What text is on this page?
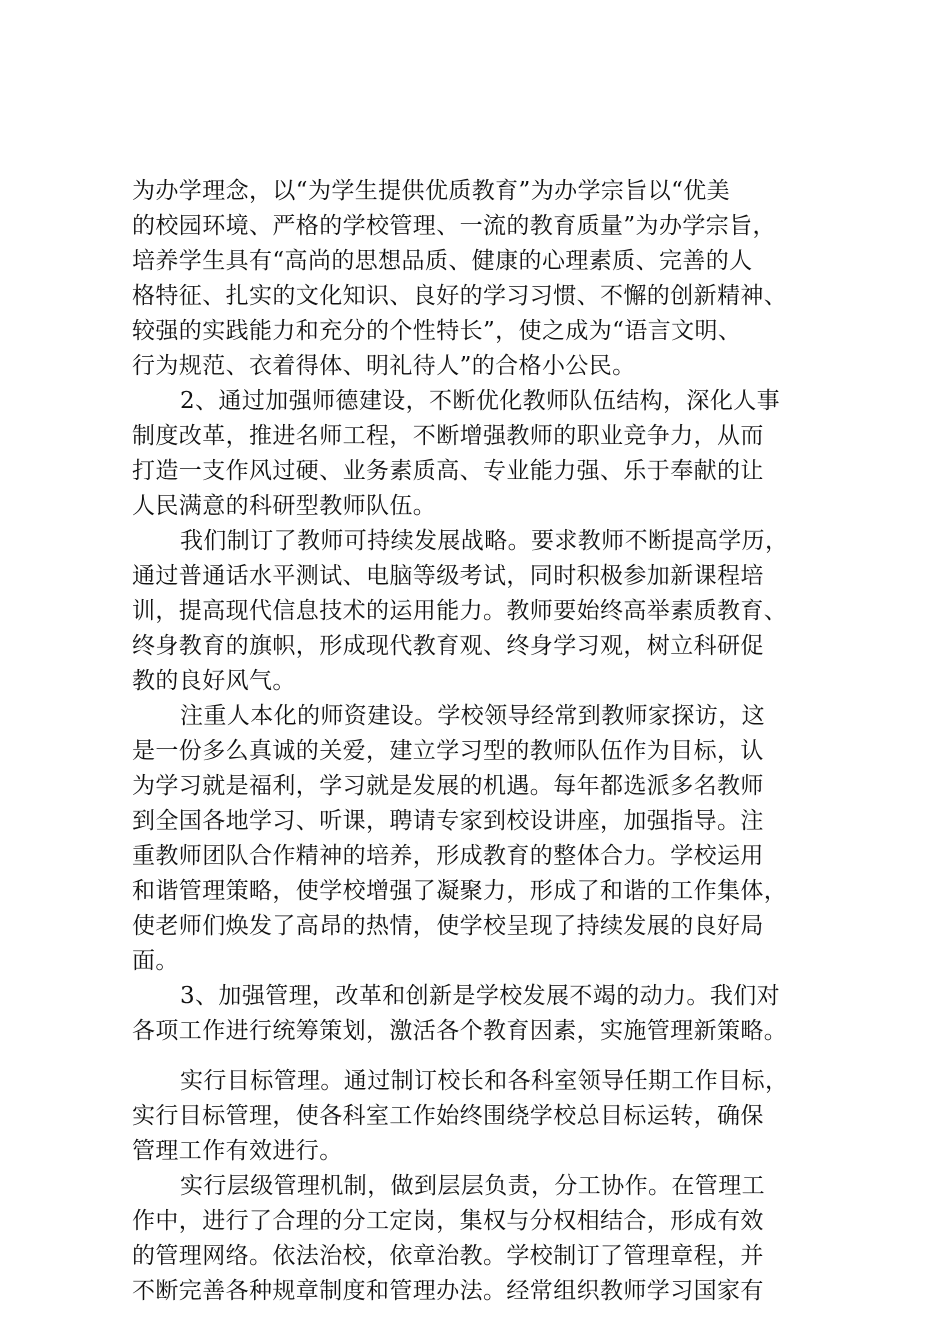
为办学理念，以“为学生提供优质教育”为办学宗旨以“优美

的校园环境、严格的学校管理、一流的教育质量”为办学宗旨，

培养学生具有“高尚的思想品质、健康的心理素质、完善的人

格特征、扎实的文化知识、良好的学习习惯、不懈的创新精神、

较强的实践能力和充分的个性特长”，使之成为“语言文明、

行为规范、衣着得体、明礼待人”的合格小公民。

2、通过加强师德建设，不断优化教师队伍结构，深化人事

制度改革，推进名师工程，不断增强教师的职业竞争力，从而

打造一支作风过硬、业务素质高、专业能力强、乐于奉献的让

人民满意的科研型教师队伍。

我们制订了教师可持续发展战略。要求教师不断提高学历，

通过普通话水平测试、电脑等级考试，同时积极参加新课程培

训，提高现代信息技术的运用能力。教师要始终高举素质教育、

终身教育的旗帜，形成现代教育观、终身学习观，树立科研促

教的良好风气。

注重人本化的师资建设。学校领导经常到教师家探访，这

是一份多么真诚的关爱，建立学习型的教师队伍作为目标，认

为学习就是福利，学习就是发展的机遇。每年都选派多名教师

到全国各地学习、听课，聘请专家到校设讲座，加强指导。注

重教师团队合作精神的培养，形成教育的整体合力。学校运用

和谐管理策略，使学校增强了凝聚力，形成了和谐的工作集体，

使老师们焕发了高昂的热情，使学校呈现了持续发展的良好局

面。

3、加强管理，改革和创新是学校发展不竭的动力。我们对

各项工作进行统筹策划，激活各个教育因素，实施管理新策略。

实行目标管理。通过制订校长和各科室领导任期工作目标，

实行目标管理，使各科室工作始终围绕学校总目标运转，确保

管理工作有效进行。

实行层级管理机制，做到层层负责，分工协作。在管理工

作中，进行了合理的分工定岗，集权与分权相结合，形成有效

的管理网络。依法治校，依章治教。学校制订了管理章程，并

不断完善各种规章制度和管理办法。经常组织教师学习国家有
